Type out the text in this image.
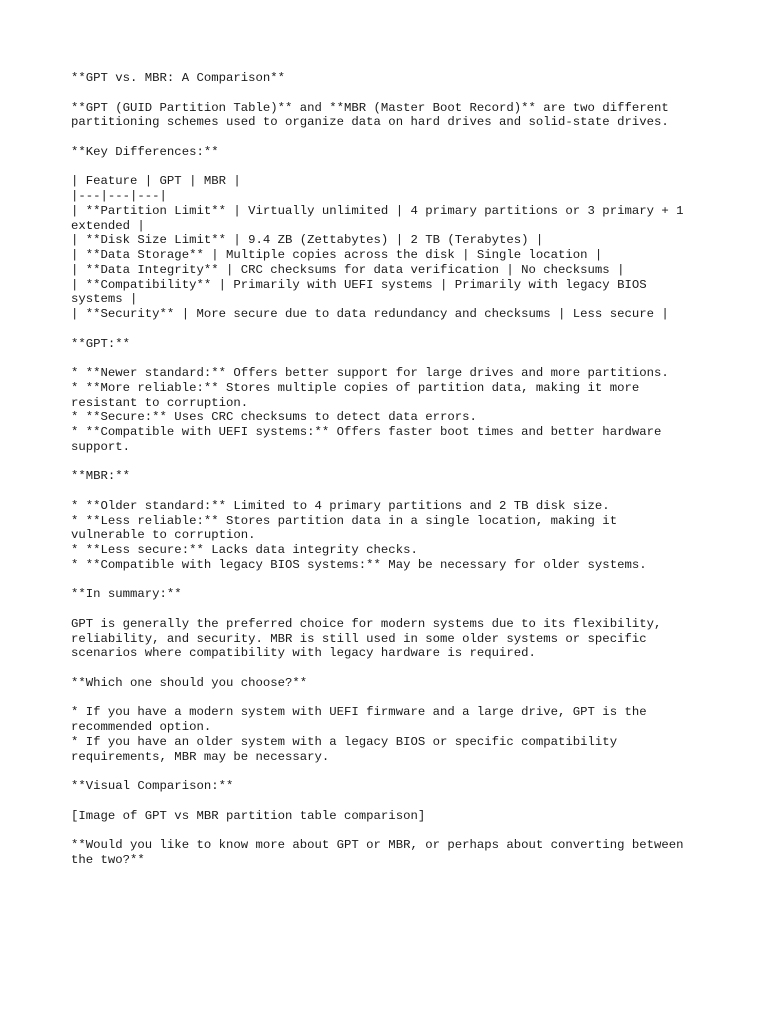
**GPT vs. MBR: A Comparison**
**GPT (GUID Partition Table)** and **MBR (Master Boot Record)** are two different
partitioning schemes used to organize data on hard drives and solid-state drives.
**Key Differences:**
| Feature | GPT | MBR |
|---|---|---|
| **Partition Limit** | Virtually unlimited | 4 primary partitions or 3 primary + 1
extended |
| **Disk Size Limit** | 9.4 ZB (Zettabytes) | 2 TB (Terabytes) |
| **Data Storage** | Multiple copies across the disk | Single location |
| **Data Integrity** | CRC checksums for data verification | No checksums |
| **Compatibility** | Primarily with UEFI systems | Primarily with legacy BIOS
systems |
| **Security** | More secure due to data redundancy and checksums | Less secure |
**GPT:**
* **Newer standard:** Offers better support for large drives and more partitions.
* **More reliable:** Stores multiple copies of partition data, making it more
resistant to corruption.
* **Secure:** Uses CRC checksums to detect data errors.
* **Compatible with UEFI systems:** Offers faster boot times and better hardware
support.
**MBR:**
* **Older standard:** Limited to 4 primary partitions and 2 TB disk size.
* **Less reliable:** Stores partition data in a single location, making it
vulnerable to corruption.
* **Less secure:** Lacks data integrity checks.
* **Compatible with legacy BIOS systems:** May be necessary for older systems.
**In summary:**
GPT is generally the preferred choice for modern systems due to its flexibility,
reliability, and security. MBR is still used in some older systems or specific
scenarios where compatibility with legacy hardware is required.
**Which one should you choose?**
* If you have a modern system with UEFI firmware and a large drive, GPT is the
recommended option.
* If you have an older system with a legacy BIOS or specific compatibility
requirements, MBR may be necessary.
**Visual Comparison:**
[Image of GPT vs MBR partition table comparison]
**Would you like to know more about GPT or MBR, or perhaps about converting between
the two?**
